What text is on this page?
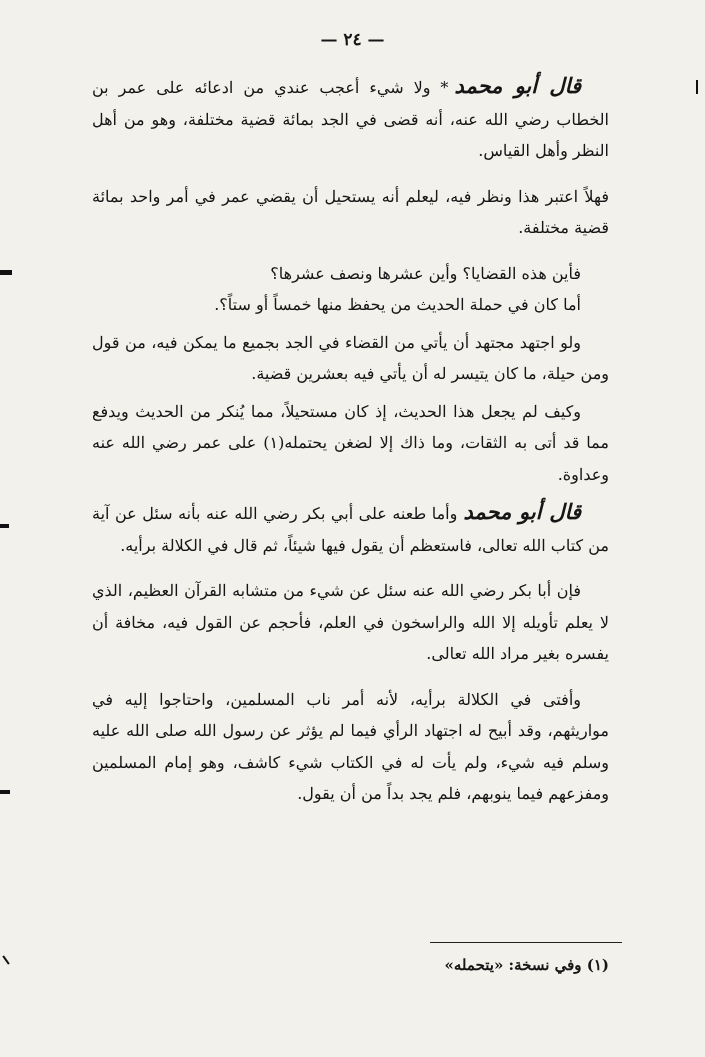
— ٢٤ —

قال أبو محمد* ولا شيء أعجب عندي من ادعائه على عمر بن الخطاب رضي الله عنه، أنه قضى في الجد بمائة قضية مختلفة، وهو من أهل النظر وأهل القياس.

فهلاً اعتبر هذا ونظر فيه، ليعلم أنه يستحيل أن يقضي عمر في أمر واحد بمائة قضية مختلفة.

فأين هذه القضايا؟ وأين عشرها ونصف عشرها؟

أما كان في حملة الحديث من يحفظ منها خمساً أو ستاً؟.

ولو اجتهد مجتهد أن يأتي من القضاء في الجد بجميع ما يمكن فيه، من قول ومن حيلة، ما كان يتيسر له أن يأتي فيه بعشرين قضية.

وكيف لم يجعل هذا الحديث، إذ كان مستحيلاً، مما يُنكر من الحديث ويدفع مما قد أتى به الثقات، وما ذاك إلا لضغن يحتمله(١) على عمر رضي الله عنه وعداوة.

قال أبو محمدوأما طعنه على أبي بكر رضي الله عنه بأنه سئل عن آية من كتاب الله تعالى، فاستعظم أن يقول فيها شيئاً، ثم قال في الكلالة برأيه.

فإن أبا بكر رضي الله عنه سئل عن شيء من متشابه القرآن العظيم، الذي لا يعلم تأويله إلا الله والراسخون في العلم، فأحجم عن القول فيه، مخافة أن يفسره بغير مراد الله تعالى.

وأفتى في الكلالة برأيه، لأنه أمر ناب المسلمين، واحتاجوا إليه في مواريثهم، وقد أبيح له اجتهاد الرأي فيما لم يؤثر عن رسول الله صلى الله عليه وسلم فيه شيء، ولم يأت له في الكتاب شيء كاشف، وهو إمام المسلمين ومفزعهم فيما ينوبهم، فلم يجد بداً من أن يقول.

(١) وفي نسخة: «يتحمله»
